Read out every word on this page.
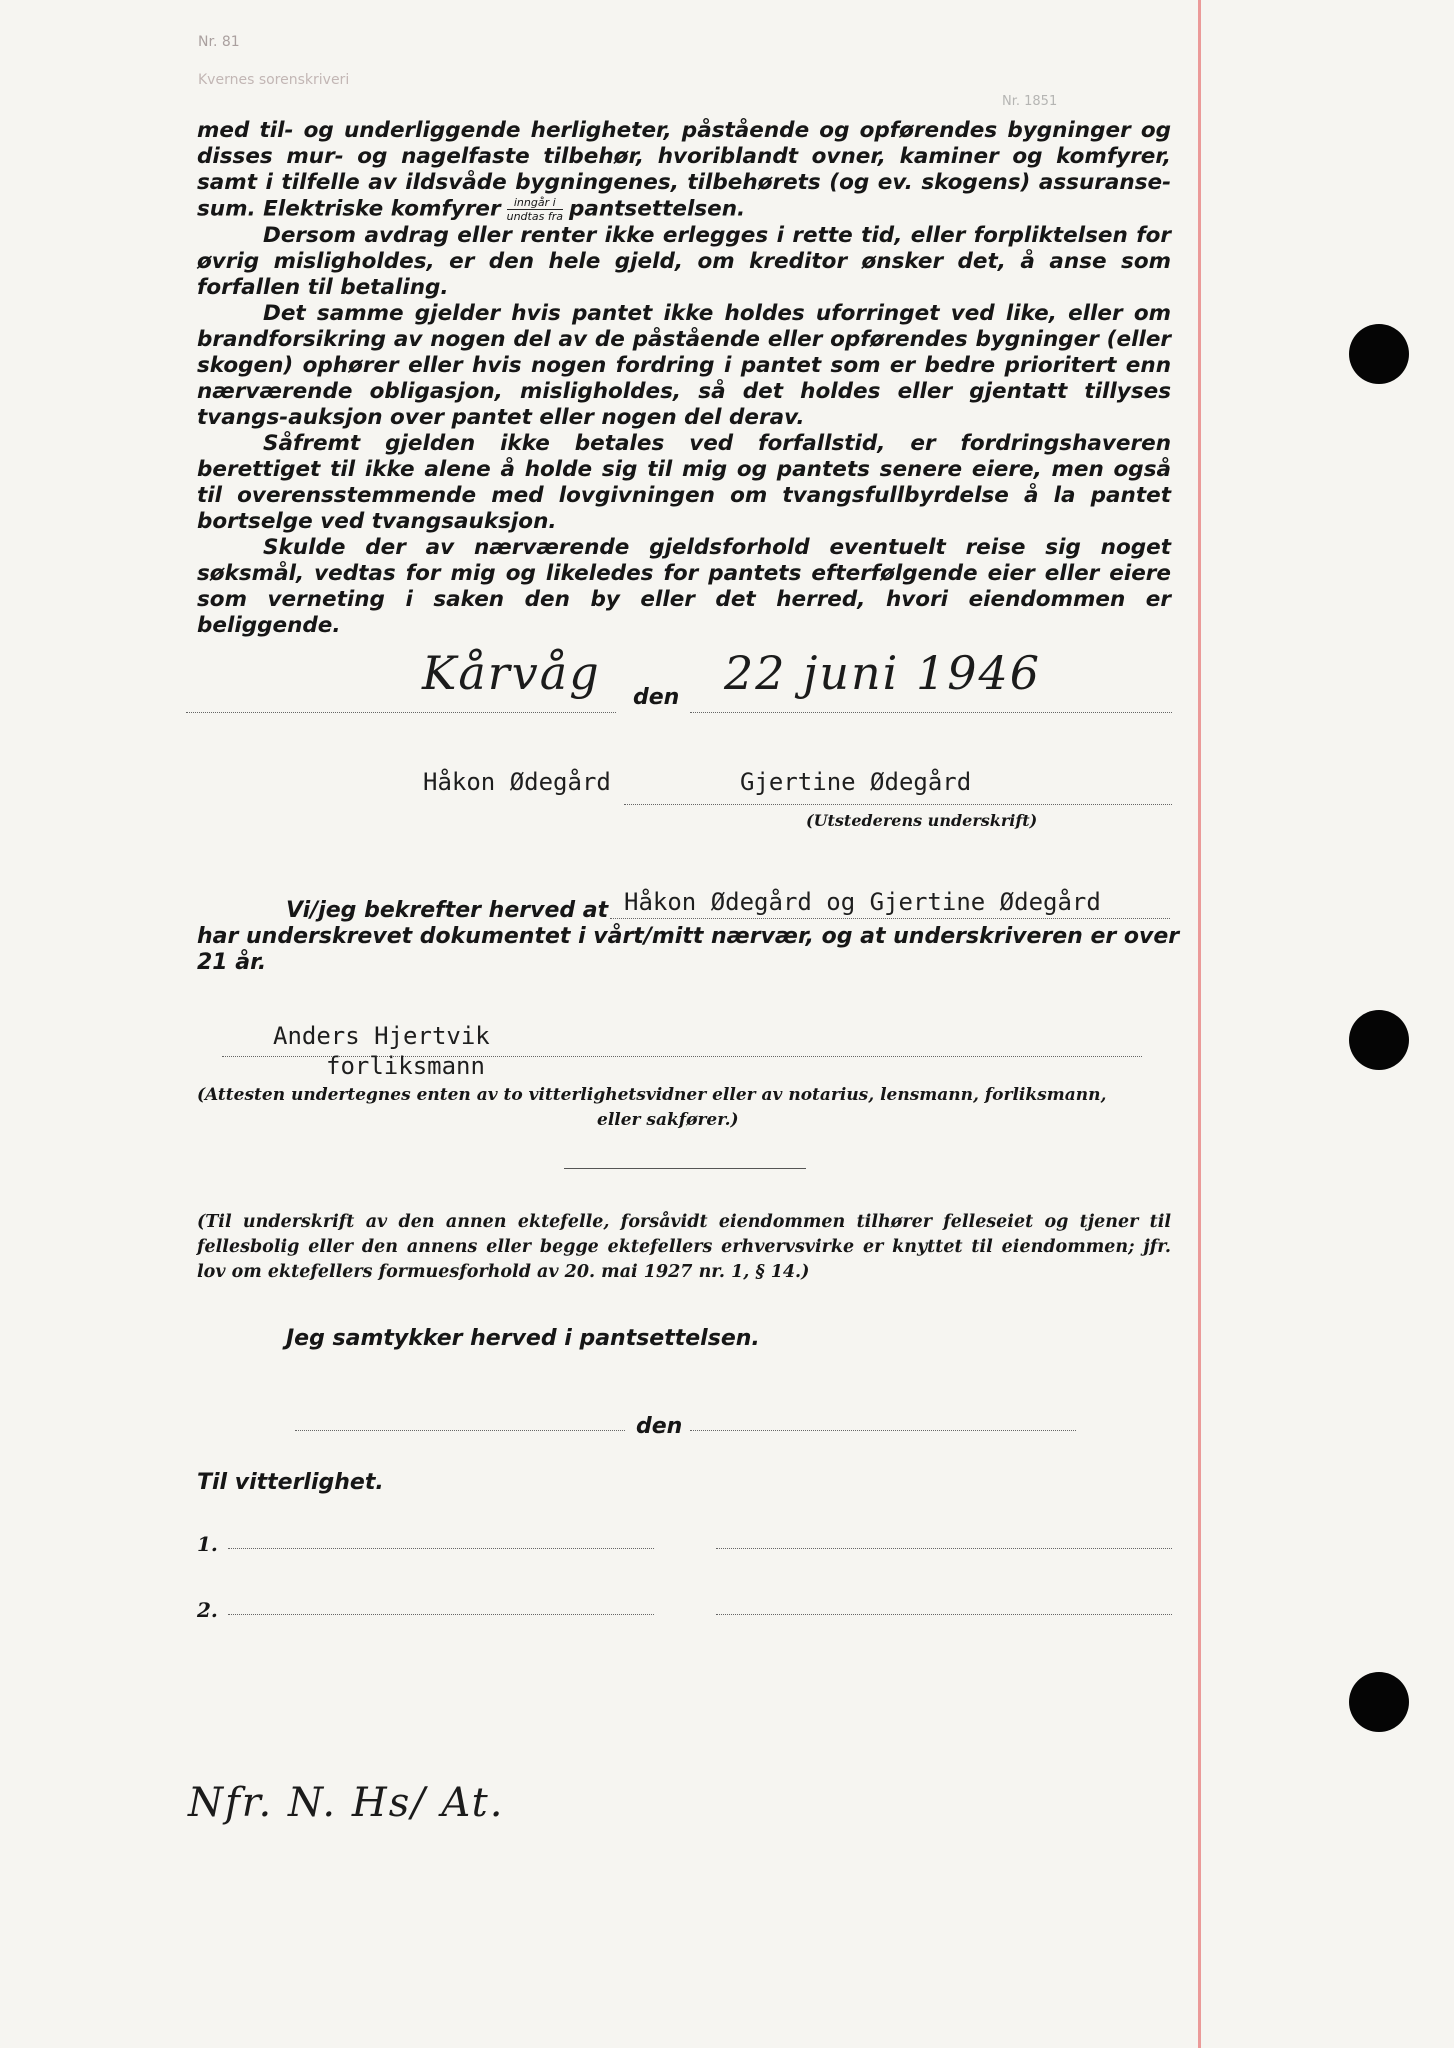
Nr. 81
Kvernes sorenskriveri
Nr. 1851

med til- og underliggende herligheter, påstående og opførendes bygninger og disses mur- og nagelfaste tilbehør, hvoriblandt ovner, kaminer og komfyrer, samt i tilfelle av ildsvåde bygningenes, tilbehørets (og ev. skogens) assuranse-sum. Elektriske komfyrer $\frac{\text{inngår i}}{\text{undtas fra}}$ pantsettelsen.

Dersom avdrag eller renter ikke erlegges i rette tid, eller forpliktelsen for øvrig misligholdes, er den hele gjeld, om kreditor ønsker det, å anse som forfallen til betaling.

Det samme gjelder hvis pantet ikke holdes uforringet ved like, eller om brandforsikring av nogen del av de påstående eller opførendes bygninger (eller skogen) ophører eller hvis nogen fordring i pantet som er bedre prioritert enn nærværende obligasjon, misligholdes, så det holdes eller gjentatt tillyses tvangs-auksjon over pantet eller nogen del derav.

Såfremt gjelden ikke betales ved forfallstid, er fordringshaveren berettiget til ikke alene å holde sig til mig og pantets senere eiere, men også til overensstemmende med lovgivningen om tvangsfullbyrdelse å la pantet bortselge ved tvangsauksjon.

Skulde der av nærværende gjeldsforhold eventuelt reise sig noget søksmål, vedtas for mig og likeledes for pantets efterfølgende eier eller eiere som verneting i saken den by eller det herred, hvori eiendommen er beliggende.

Kårvåg den 22 juni 1946
Håkon Ødegård	Gjertine Ødegård
(Utstederens underskrift)
Vi/jeg bekrefter herved at Håkon Ødegård og Gjertine Ødegård
har underskrevet dokumentet i vårt/mitt nærvær, og at underskriveren er over
21 år.
Anders Hjertvik
forliksmann
(Attesten undertegnes enten av to vitterlighetsvidner eller av notarius, lensmann, forliksmann,
eller sakfører.)
(Til underskrift av den annen ektefelle, forsåvidt eiendommen tilhører felleseiet og tjener til fellesbolig eller den annens eller begge ektefellers erhvervsvirke er knyttet til eiendommen; jfr. lov om ektefellers formuesforhold av 20. mai 1927 nr. 1, § 14.)
Jeg samtykker herved i pantsettelsen.
den
Til vitterlighet.
1.
2.
Nfr. N. Hs/ At.
